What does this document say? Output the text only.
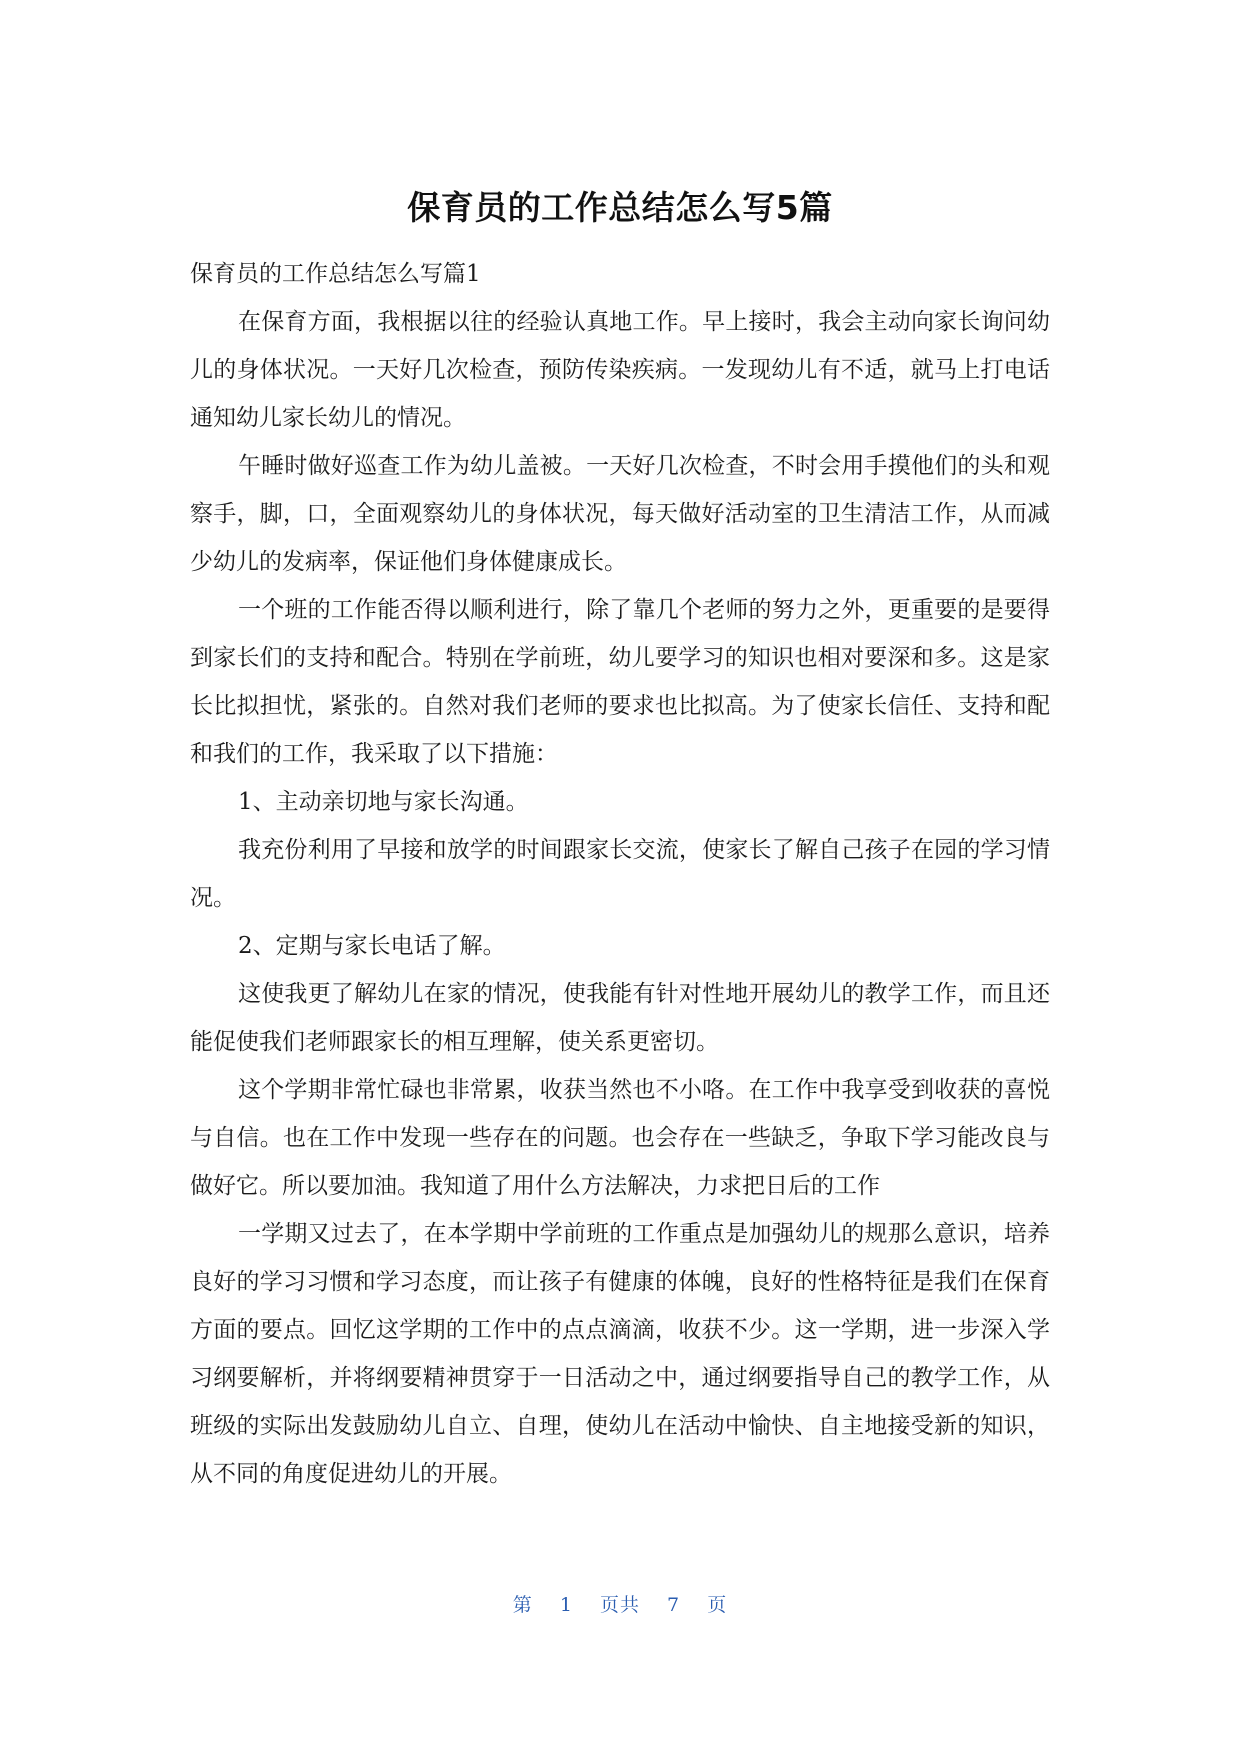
保育员的工作总结怎么写5篇

保育员的工作总结怎么写篇1

在保育方面，我根据以往的经验认真地工作。早上接时，我会主动向家长询问幼儿的身体状况。一天好几次检查，预防传染疾病。一发现幼儿有不适，就马上打电话通知幼儿家长幼儿的情况。

午睡时做好巡查工作为幼儿盖被。一天好几次检查，不时会用手摸他们的头和观察手，脚，口，全面观察幼儿的身体状况，每天做好活动室的卫生清洁工作，从而减少幼儿的发病率，保证他们身体健康成长。

一个班的工作能否得以顺利进行，除了靠几个老师的努力之外，更重要的是要得到家长们的支持和配合。特别在学前班，幼儿要学习的知识也相对要深和多。这是家长比拟担忧，紧张的。自然对我们老师的要求也比拟高。为了使家长信任、支持和配和我们的工作，我采取了以下措施：

1、主动亲切地与家长沟通。

我充份利用了早接和放学的时间跟家长交流，使家长了解自己孩子在园的学习情况。

2、定期与家长电话了解。

这使我更了解幼儿在家的情况，使我能有针对性地开展幼儿的教学工作，而且还能促使我们老师跟家长的相互理解，使关系更密切。

这个学期非常忙碌也非常累，收获当然也不小咯。在工作中我享受到收获的喜悦与自信。也在工作中发现一些存在的问题。也会存在一些缺乏，争取下学习能改良与做好它。所以要加油。我知道了用什么方法解决，力求把日后的工作

一学期又过去了，在本学期中学前班的工作重点是加强幼儿的规那么意识，培养良好的学习习惯和学习态度，而让孩子有健康的体魄，良好的性格特征是我们在保育方面的要点。回忆这学期的工作中的点点滴滴，收获不少。这一学期，进一步深入学习纲要解析，并将纲要精神贯穿于一日活动之中，通过纲要指导自己的教学工作，从班级的实际出发鼓励幼儿自立、自理，使幼儿在活动中愉快、自主地接受新的知识，从不同的角度促进幼儿的开展。

第 1 页共 7 页
